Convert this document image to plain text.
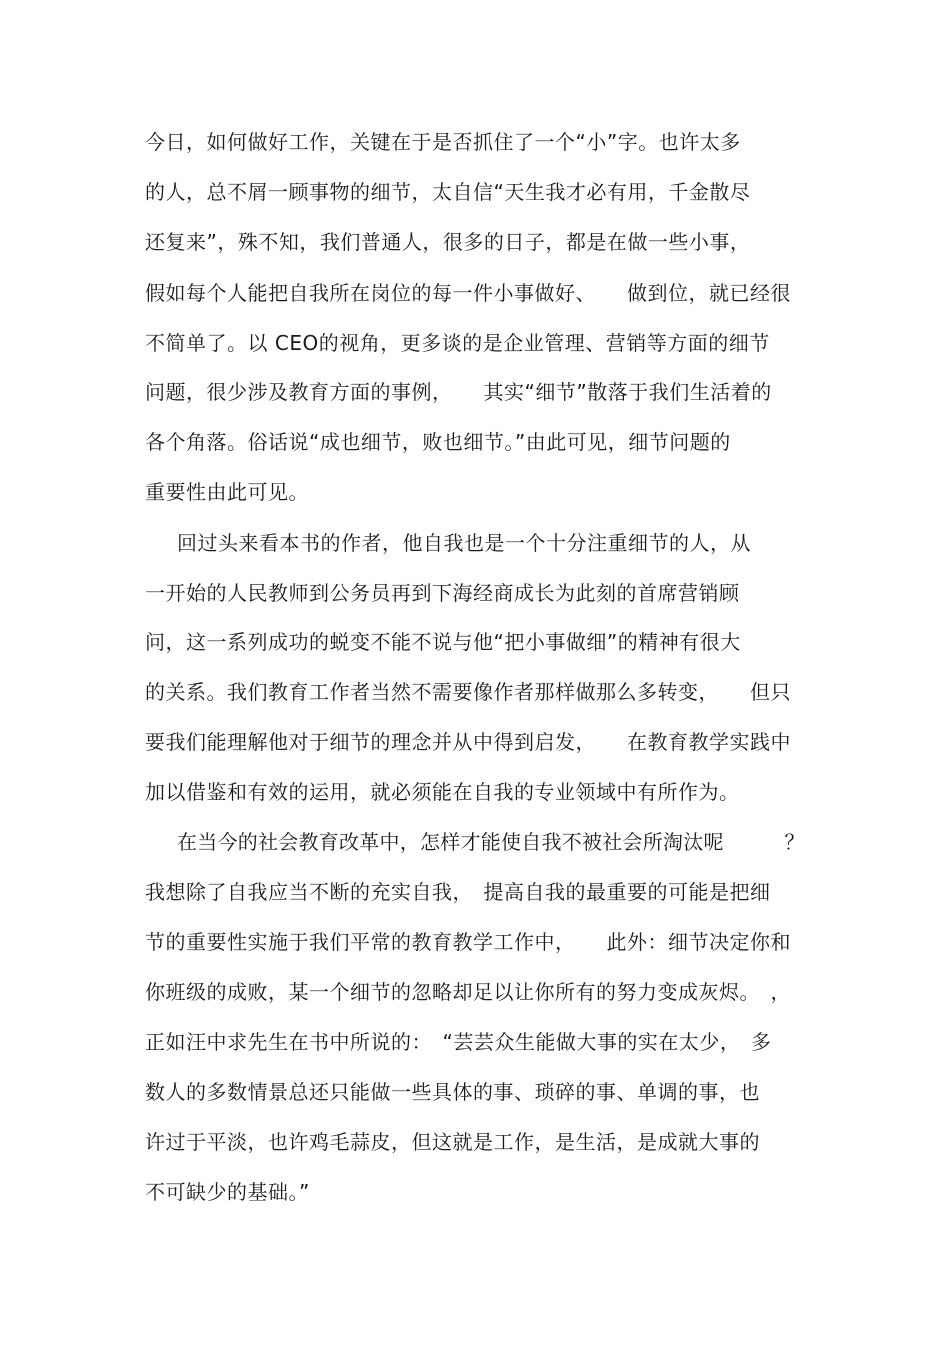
今日，如何做好工作，关键在于是否抓住了一个“小”字。也许太多
的人，总不屑一顾事物的细节，太自信“天生我才必有用，千金散尽
还复来”，殊不知，我们普通人，很多的日子，都是在做一些小事，
假如每个人能把自我所在岗位的每一件小事做好、　　做到位，就已经很
不简单了。以 CEO的视角，更多谈的是企业管理、营销等方面的细节
问题，很少涉及教育方面的事例，　　其实“细节”散落于我们生活着的
各个角落。俗话说“成也细节，败也细节。”由此可见，细节问题的
重要性由此可见。
回过头来看本书的作者，他自我也是一个十分注重细节的人，从
一开始的人民教师到公务员再到下海经商成长为此刻的首席营销顾
问，这一系列成功的蜕变不能不说与他“把小事做细”的精神有很大
的关系。我们教育工作者当然不需要像作者那样做那么多转变，　　但只
要我们能理解他对于细节的理念并从中得到启发，　　在教育教学实践中
加以借鉴和有效的运用，就必须能在自我的专业领域中有所作为。
在当今的社会教育改革中，怎样才能使自我不被社会所淘汰呢　　　？
我想除了自我应当不断的充实自我，　提高自我的最重要的可能是把细
节的重要性实施于我们平常的教育教学工作中，　　此外：细节决定你和
你班级的成败，某一个细节的忽略却足以让你所有的努力变成灰烬。　，
正如汪中求先生在书中所说的：　“芸芸众生能做大事的实在太少，　多
数人的多数情景总还只能做一些具体的事、琐碎的事、单调的事，也
许过于平淡，也许鸡毛蒜皮，但这就是工作，是生活，是成就大事的
不可缺少的基础。”
